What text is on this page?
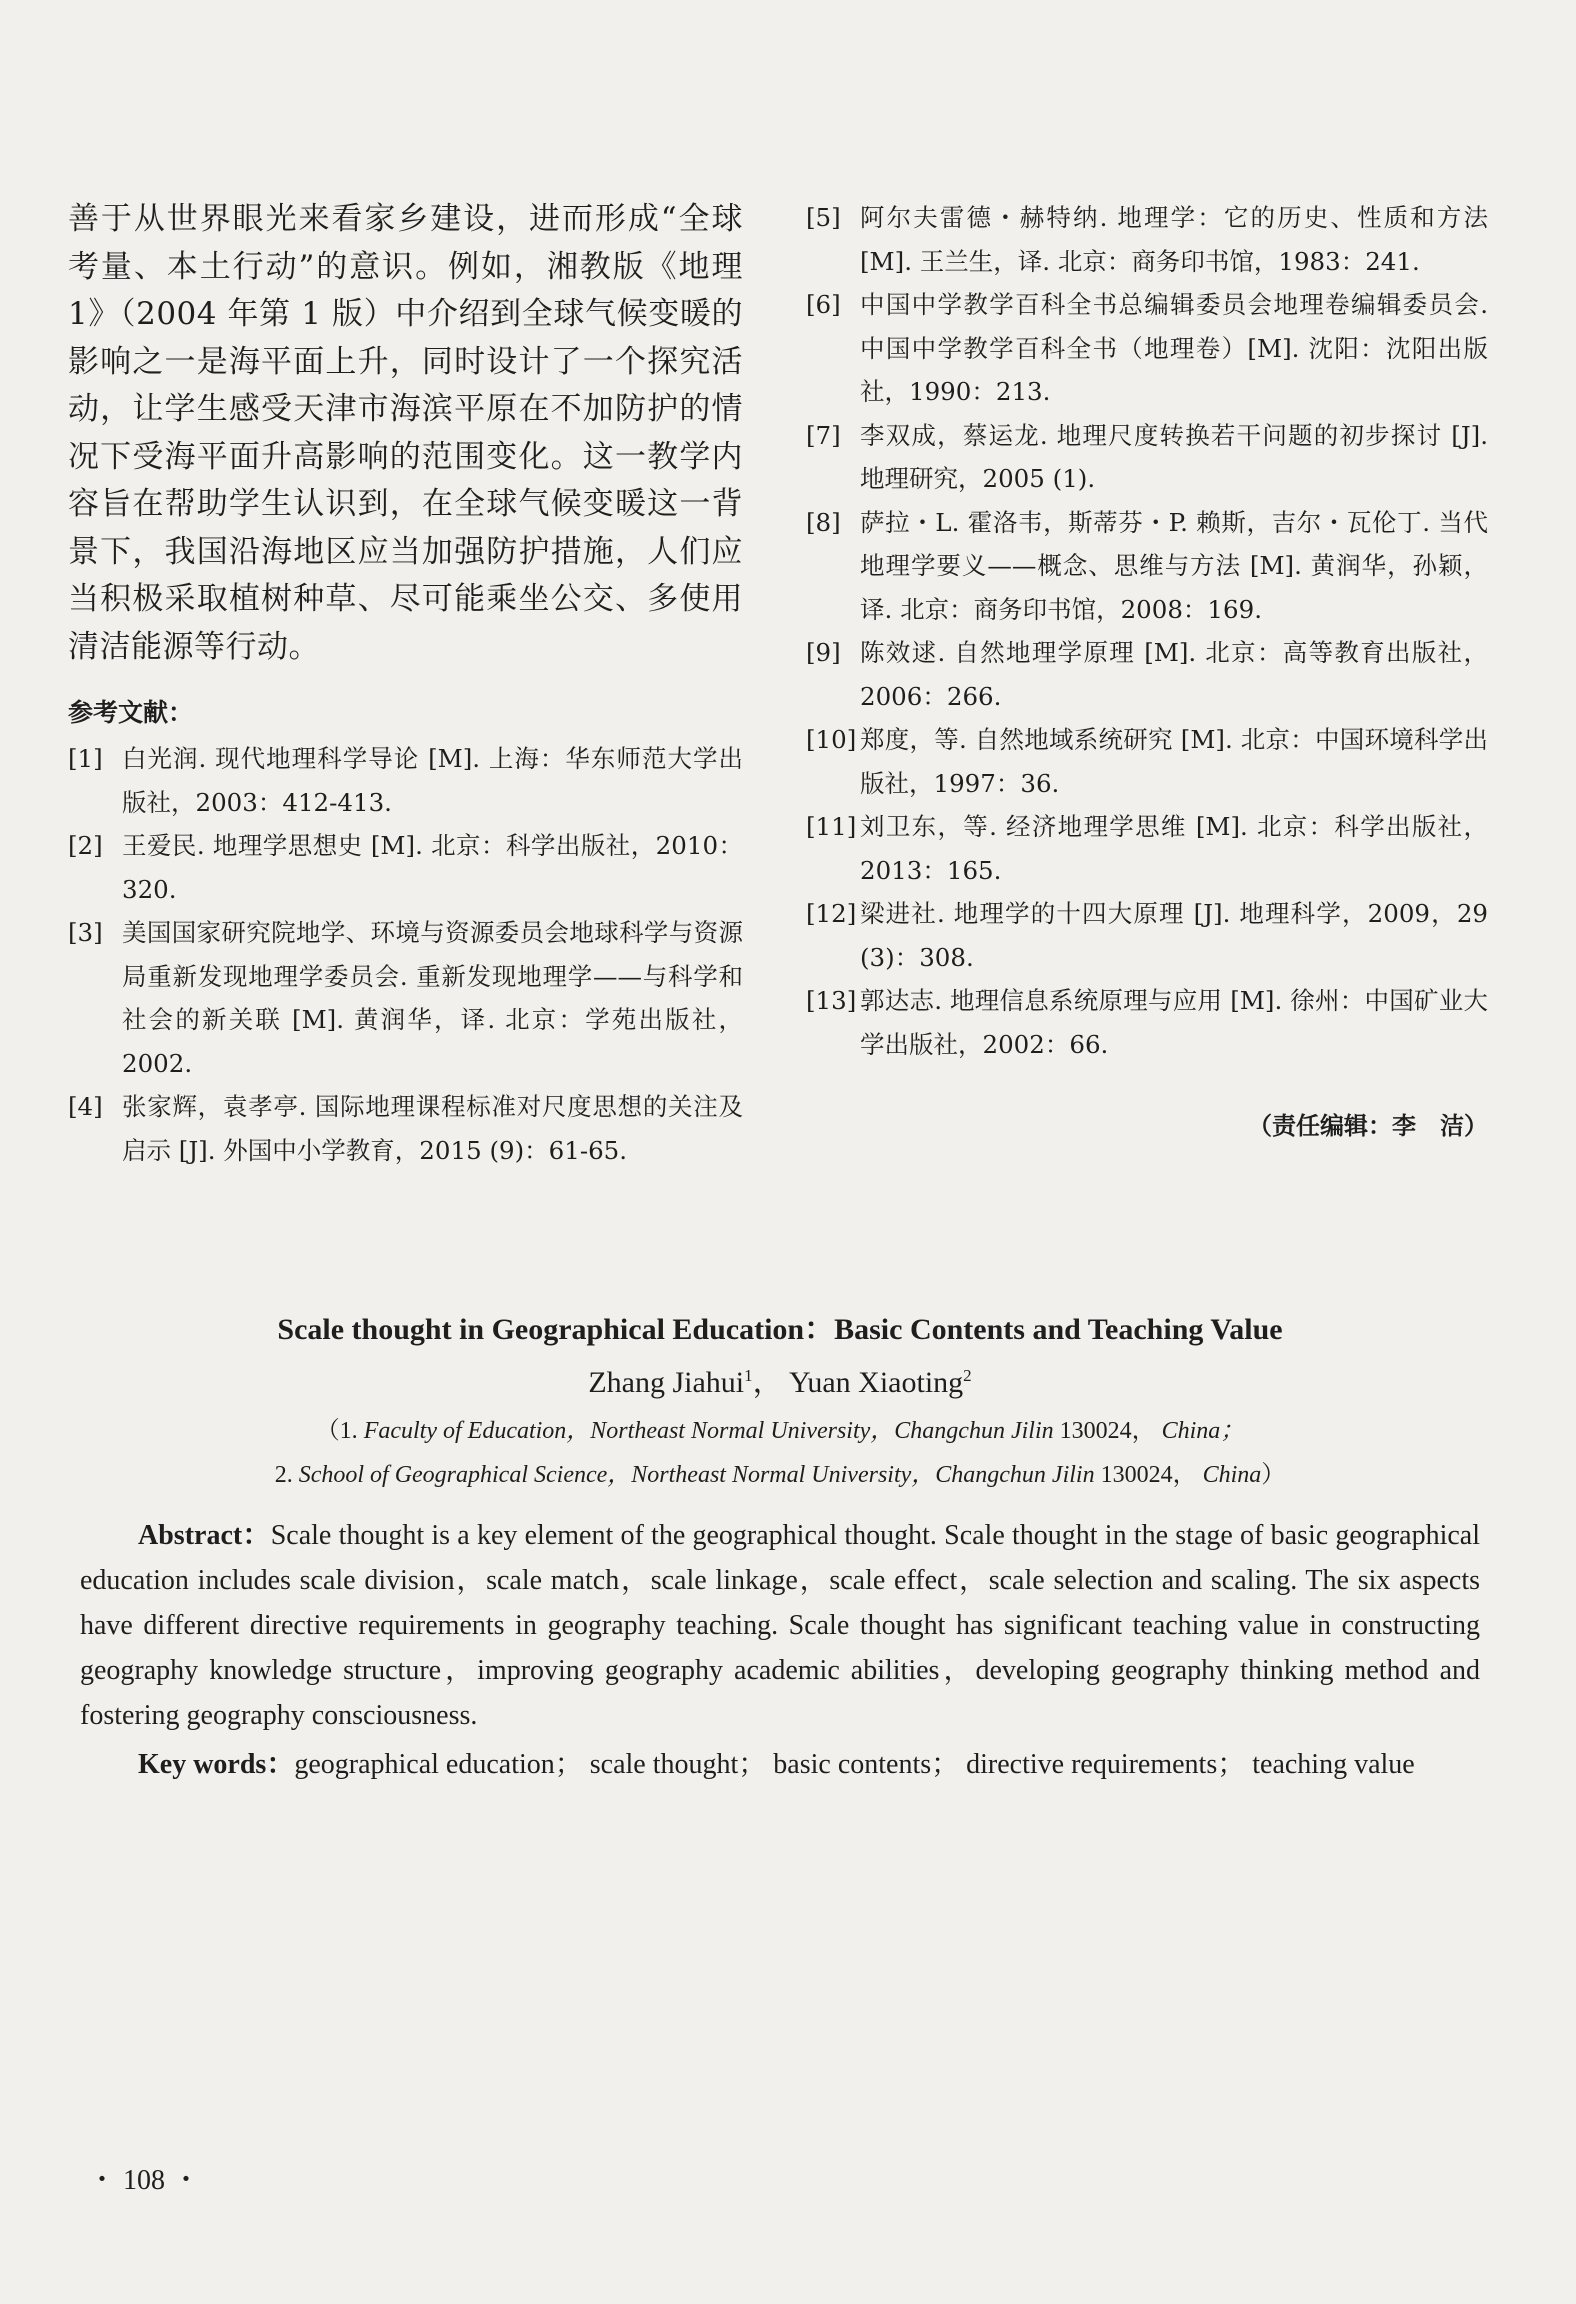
善于从世界眼光来看家乡建设，进而形成“全球考量、本土行动”的意识。例如，湘教版《地理1》（2004 年第 1 版）中介绍到全球气候变暖的影响之一是海平面上升，同时设计了一个探究活动，让学生感受天津市海滨平原在不加防护的情况下受海平面升高影响的范围变化。这一教学内容旨在帮助学生认识到，在全球气候变暖这一背景下，我国沿海地区应当加强防护措施，人们应当积极采取植树种草、尽可能乘坐公交、多使用清洁能源等行动。

参考文献：
[1] 白光润. 现代地理科学导论 [M]. 上海：华东师范大学出版社，2003：412-413.
[2] 王爱民. 地理学思想史 [M]. 北京：科学出版社，2010：320.
[3] 美国国家研究院地学、环境与资源委员会地球科学与资源局重新发现地理学委员会. 重新发现地理学——与科学和社会的新关联 [M]. 黄润华，译. 北京：学苑出版社，2002.
[4] 张家辉，袁孝亭. 国际地理课程标准对尺度思想的关注及启示 [J]. 外国中小学教育，2015 (9)：61-65.
[5] 阿尔夫雷德・赫特纳. 地理学：它的历史、性质和方法 [M]. 王兰生，译. 北京：商务印书馆，1983：241.
[6] 中国中学教学百科全书总编辑委员会地理卷编辑委员会. 中国中学教学百科全书（地理卷）[M]. 沈阳：沈阳出版社，1990：213.
[7] 李双成，蔡运龙. 地理尺度转换若干问题的初步探讨 [J]. 地理研究，2005 (1).
[8] 萨拉・L. 霍洛韦，斯蒂芬・P. 赖斯，吉尔・瓦伦丁. 当代地理学要义——概念、思维与方法 [M]. 黄润华，孙颖，译. 北京：商务印书馆，2008：169.
[9] 陈效逑. 自然地理学原理 [M]. 北京：高等教育出版社，2006：266.
[10] 郑度，等. 自然地域系统研究 [M]. 北京：中国环境科学出版社，1997：36.
[11] 刘卫东，等. 经济地理学思维 [M]. 北京：科学出版社，2013：165.
[12] 梁进社. 地理学的十四大原理 [J]. 地理科学，2009，29 (3)：308.
[13] 郭达志. 地理信息系统原理与应用 [M]. 徐州：中国矿业大学出版社，2002：66.
（责任编辑：李　洁）

Scale thought in Geographical Education：Basic Contents and Teaching Value

Zhang Jiahui$^1$， Yuan Xiaoting$^2$
（1. Faculty of Education，Northeast Normal University，Changchun Jilin 130024， China；
2. School of Geographical Science，Northeast Normal University，Changchun Jilin 130024， China）
Abstract：Scale thought is a key element of the geographical thought. Scale thought in the stage of basic geographical education includes scale division，scale match，scale linkage，scale effect，scale selection and scaling. The six aspects have different directive requirements in geography teaching. Scale thought has significant teaching value in constructing geography knowledge structure，improving geography academic abilities，developing geography thinking method and fostering geography consciousness.
Key words：geographical education； scale thought； basic contents； directive requirements； teaching value
・ 108 ・
